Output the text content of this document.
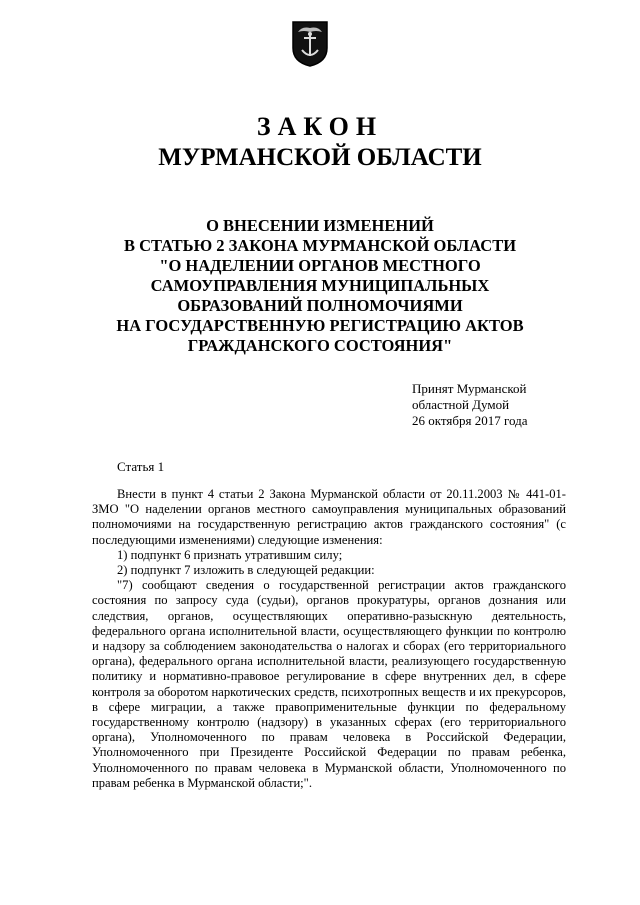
ЗАКОН
МУРМАНСКОЙ ОБЛАСТИ
О ВНЕСЕНИИ ИЗМЕНЕНИЙ
В СТАТЬЮ 2 ЗАКОНА МУРМАНСКОЙ ОБЛАСТИ
"О НАДЕЛЕНИИ ОРГАНОВ МЕСТНОГО
САМОУПРАВЛЕНИЯ МУНИЦИПАЛЬНЫХ
ОБРАЗОВАНИЙ ПОЛНОМОЧИЯМИ
НА ГОСУДАРСТВЕННУЮ РЕГИСТРАЦИЮ АКТОВ
ГРАЖДАНСКОГО СОСТОЯНИЯ"
Принят Мурманской
областной Думой
26 октября 2017 года
Статья 1

Внести в пункт 4 статьи 2 Закона Мурманской области от 20.11.2003 № 441-01-ЗМО "О наделении органов местного самоуправления муниципальных образований полномочиями на государственную регистрацию актов гражданского состояния" (с последующими изменениями) следующие изменения:

1) подпункт 6 признать утратившим силу;

2) подпункт 7 изложить в следующей редакции:

"7) сообщают сведения о государственной регистрации актов гражданского состояния по запросу суда (судьи), органов прокуратуры, органов дознания или следствия, органов, осуществляющих оперативно-разыскную деятельность, федерального органа исполнительной власти, осуществляющего функции по контролю и надзору за соблюдением законодательства о налогах и сборах (его территориального органа), федерального органа исполнительной власти, реализующего государственную политику и нормативно-правовое регулирование в сфере внутренних дел, в сфере контроля за оборотом наркотических средств, психотропных веществ и их прекурсоров, в сфере миграции, а также правоприменительные функции по федеральному государственному контролю (надзору) в указанных сферах (его территориального органа), Уполномоченного по правам человека в Российской Федерации, Уполномоченного при Президенте Российской Федерации по правам ребенка, Уполномоченного по правам человека в Мурманской области, Уполномоченного по правам ребенка в Мурманской области;".
